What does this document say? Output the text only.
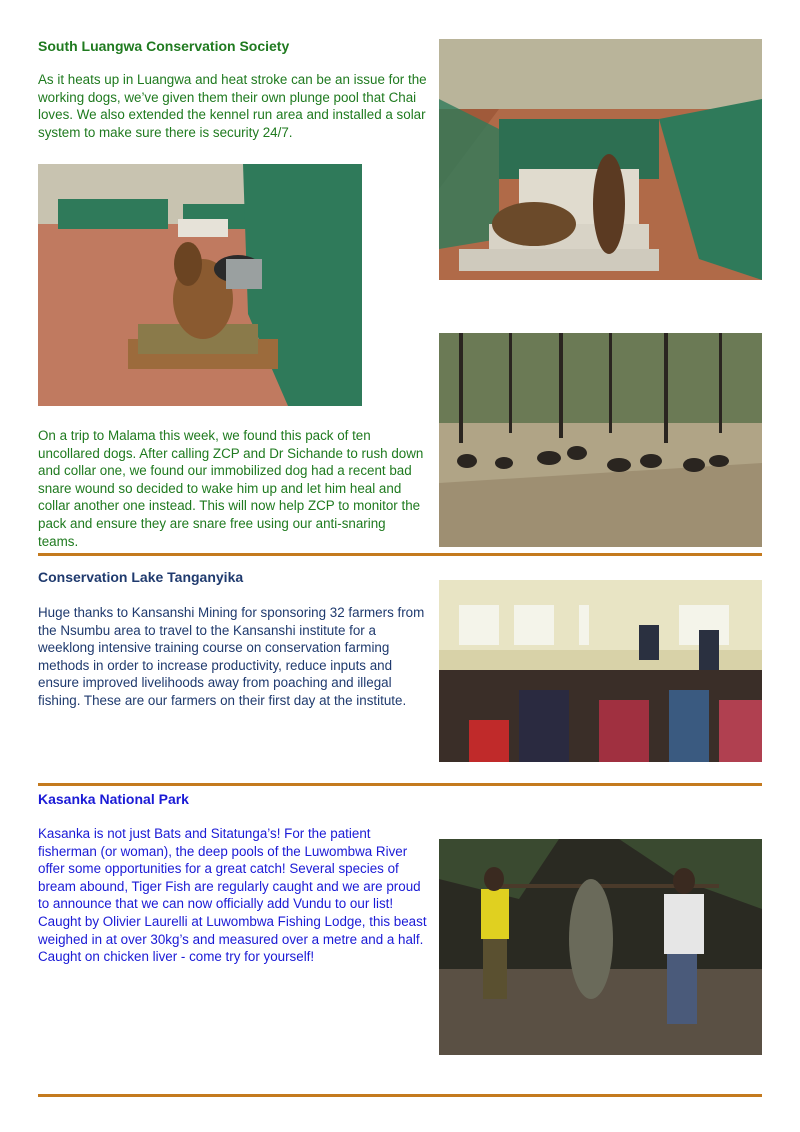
South Luangwa Conservation Society

As it heats up in Luangwa and heat stroke can be an issue for the working dogs, we’ve given them their own plunge pool that Chai loves. We also extended the kennel run area and installed a solar system to make sure there is security 24/7.

On a trip to Malama this week, we found this pack of ten uncollared dogs. After calling ZCP and Dr Sichande to rush down and collar one, we found our immobilized dog had a recent bad snare wound so decided to wake him up and let him heal and collar another one instead. This will now help ZCP to monitor the pack and ensure they are snare free using our anti-snaring teams.

Conservation Lake Tanganyika

Huge thanks to Kansanshi Mining for sponsoring 32 farmers from the Nsumbu area to travel to the Kansanshi institute for a weeklong intensive training course on conservation farming methods in order to increase productivity, reduce inputs and ensure improved livelihoods away from poaching and illegal fishing. These are our farmers on their first day at the institute.

Kasanka National Park

Kasanka is not just Bats and Sitatunga’s! For the patient fisherman (or woman), the deep pools of the Luwombwa River offer some opportunities for a great catch! Several species of bream abound, Tiger Fish are regularly caught and we are proud to announce that we can now officially add Vundu to our list! Caught by Olivier Laurelli at Luwombwa Fishing Lodge, this beast weighed in at over 30kg’s and measured over a metre and a half. Caught on chicken liver - come try for yourself!
